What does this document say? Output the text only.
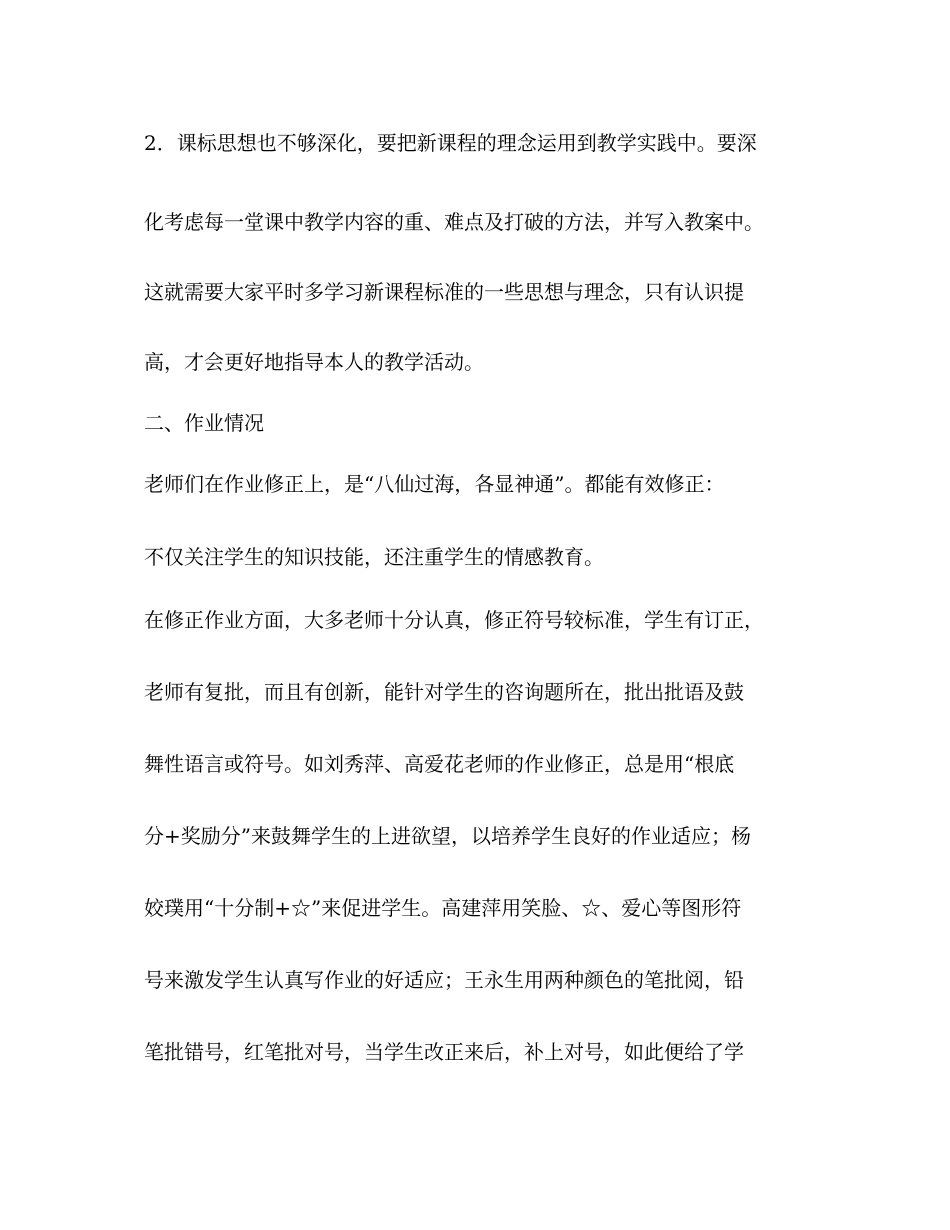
2．课标思想也不够深化，要把新课程的理念运用到教学实践中。要深
化考虑每一堂课中教学内容的重、难点及打破的方法，并写入教案中。
这就需要大家平时多学习新课程标准的一些思想与理念，只有认识提
高，才会更好地指导本人的教学活动。
二、作业情况
老师们在作业修正上，是“八仙过海，各显神通”。都能有效修正：
不仅关注学生的知识技能，还注重学生的情感教育。
在修正作业方面，大多老师十分认真，修正符号较标准，学生有订正，
老师有复批，而且有创新，能针对学生的咨询题所在，批出批语及鼓
舞性语言或符号。如刘秀萍、高爱花老师的作业修正，总是用“根底
分+奖励分”来鼓舞学生的上进欲望，以培养学生良好的作业适应；杨
姣璞用“十分制+☆”来促进学生。高建萍用笑脸、☆、爱心等图形符
号来激发学生认真写作业的好适应；王永生用两种颜色的笔批阅，铅
笔批错号，红笔批对号，当学生改正来后，补上对号，如此便给了学
